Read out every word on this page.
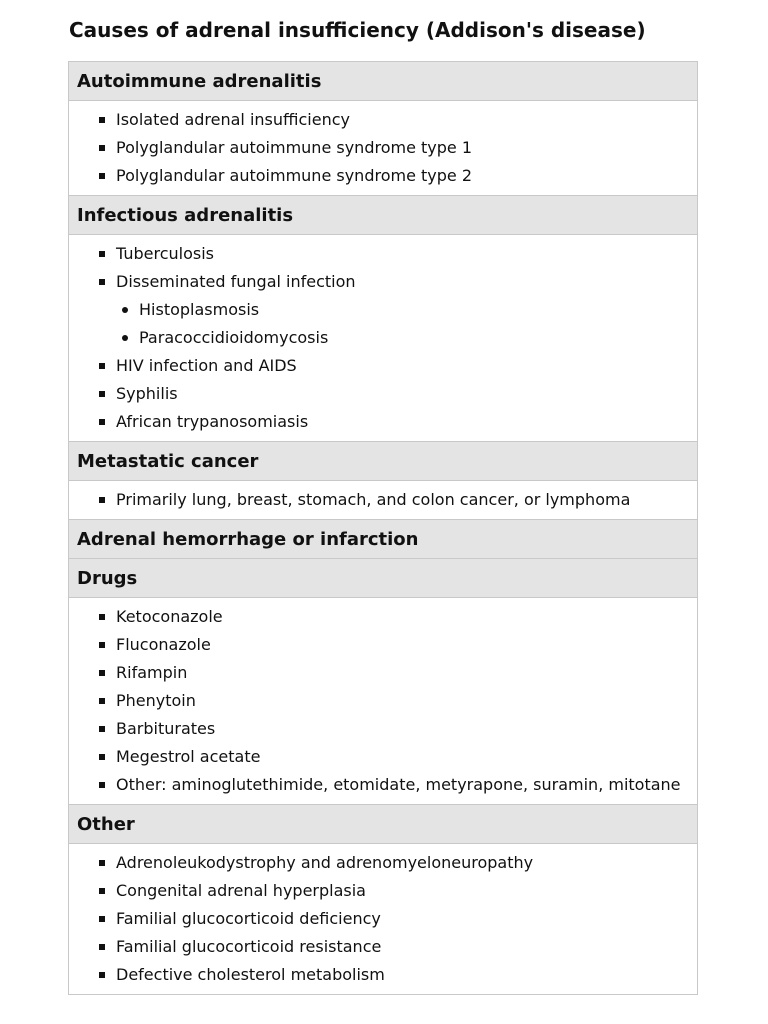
Causes of adrenal insufficiency (Addison's disease)
Autoimmune adrenalitis
Isolated adrenal insufficiency
Polyglandular autoimmune syndrome type 1
Polyglandular autoimmune syndrome type 2
Infectious adrenalitis
Tuberculosis
Disseminated fungal infection
Histoplasmosis
Paracoccidioidomycosis
HIV infection and AIDS
Syphilis
African trypanosomiasis
Metastatic cancer
Primarily lung, breast, stomach, and colon cancer, or lymphoma
Adrenal hemorrhage or infarction
Drugs
Ketoconazole
Fluconazole
Rifampin
Phenytoin
Barbiturates
Megestrol acetate
Other: aminoglutethimide, etomidate, metyrapone, suramin, mitotane
Other
Adrenoleukodystrophy and adrenomyeloneuropathy
Congenital adrenal hyperplasia
Familial glucocorticoid deficiency
Familial glucocorticoid resistance
Defective cholesterol metabolism
